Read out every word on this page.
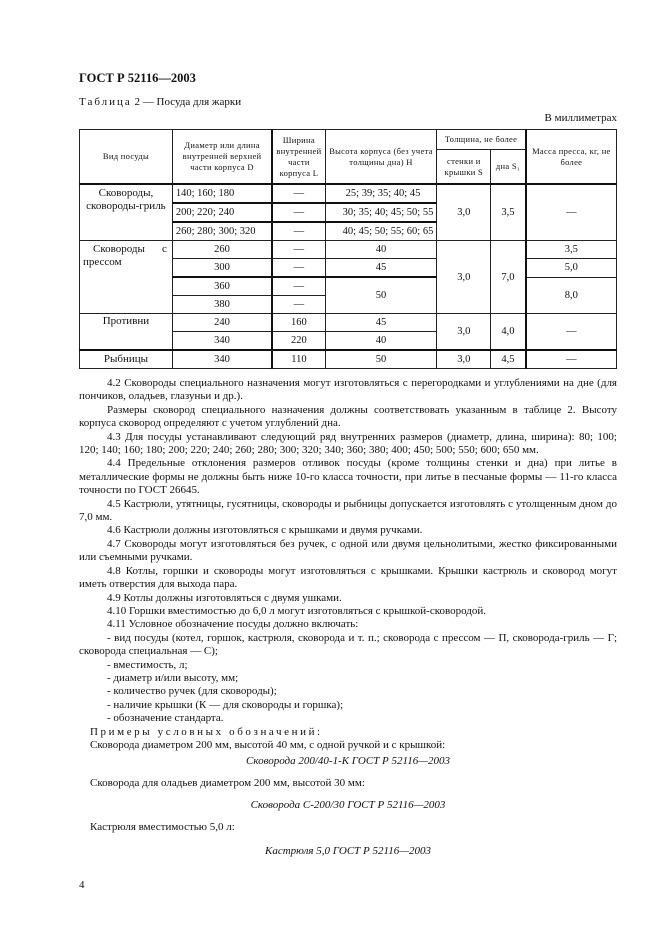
ГОСТ Р 52116—2003
Таблица 2 — Посуда для жарки
В миллиметрах
Вид посуды	Диаметр или длина внутренней верхней части корпуса D	Ширина внутренней части корпуса L	Высота корпуса (без учета толщины дна) H	Толщина, не более		Масса пресса, кг, не более
				стенки и крышки S	дна S₁	
Сковороды, сковороды-гриль	140; 160; 180	—	25; 39; 35; 40; 45	3,0	3,5	—
	200; 220; 240	—	30; 35; 40; 45; 50; 55			
	260; 280; 300; 320	—	40; 45; 50; 55; 60; 65			

Сковороды с
прессом	260	—	40	3,0	7,0	3,5
	300	—	45			5,0
	360	—	50			8,0
	380	—				
Противни	240	160	45	3,0	4,0	—
	340	220	40			
Рыбницы	340	110	50	3,0	4,5	—

4.2 Сковороды специального назначения могут изготовляться с перегородками и углублениями на дне (для пончиков, оладьев, глазуньи и др.).

Размеры сковород специального назначения должны соответствовать указанным в таблице 2. Высоту корпуса сковород определяют с учетом углублений дна.

4.3 Для посуды устанавливают следующий ряд внутренних размеров (диаметр, длина, ширина): 80; 100; 120; 140; 160; 180; 200; 220; 240; 260; 280; 300; 320; 340; 360; 380; 400; 450; 500; 550; 600; 650 мм.

4.4 Предельные отклонения размеров отливок посуды (кроме толщины стенки и дна) при литье в металлические формы не должны быть ниже 10-го класса точности, при литье в песчаные формы — 11-го класса точности по ГОСТ 26645.

4.5 Кастрюли, утятницы, гусятницы, сковороды и рыбницы допускается изготовлять с утолщенным дном до 7,0 мм.

4.6 Кастрюли должны изготовляться с крышками и двумя ручками.

4.7 Сковороды могут изготовляться без ручек, с одной или двумя цельнолитыми, жестко фиксированными или съемными ручками.

4.8 Котлы, горшки и сковороды могут изготовляться с крышками. Крышки кастрюль и сковород могут иметь отверстия для выхода пара.

4.9 Котлы должны изготовляться с двумя ушками.

4.10 Горшки вместимостью до 6,0 л могут изготовляться с крышкой-сковородой.

4.11 Условное обозначение посуды должно включать:

- вид посуды (котел, горшок, кастрюля, сковорода и т. п.; сковорода с прессом — П, сковорода-гриль — Г; сковорода специальная — С);

- вместимость, л;

- диаметр и/или высоту, мм;

- количество ручек (для сковороды);

- наличие крышки (К — для сковороды и горшка);

- обозначение стандарта.

Примеры условных обозначений:

Сковорода диаметром 200 мм, высотой 40 мм, с одной ручкой и с крышкой:

Сковорода 200/40-1-К ГОСТ Р 52116—2003
Сковорода для оладьев диаметром 200 мм, высотой 30 мм:
Сковорода С-200/30 ГОСТ Р 52116—2003
Кастрюля вместимостью 5,0 л:
Кастрюля 5,0 ГОСТ Р 52116—2003
4
